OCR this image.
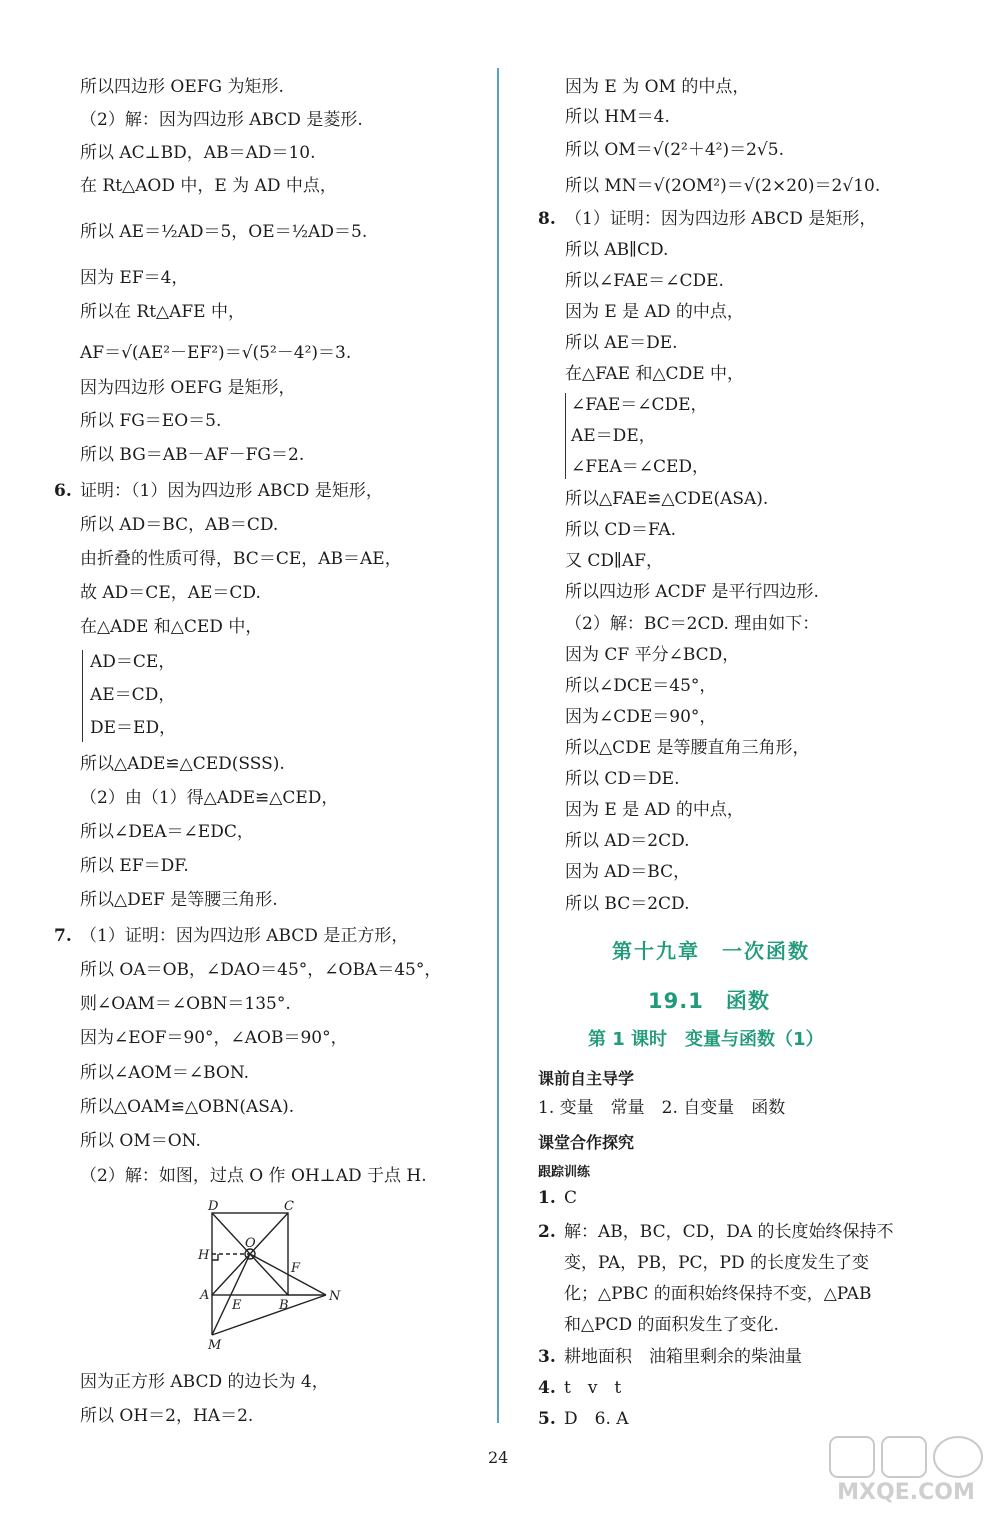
所以四边形 OEFG 为矩形.
（2）解：因为四边形 ABCD 是菱形.
所以 AC⊥BD，AB＝AD＝10.
在 Rt△AOD 中，E 为 AD 中点，
所以 AE＝½AD＝5，OE＝½AD＝5.
因为 EF＝4，
所以在 Rt△AFE 中，
AF＝√(AE²－EF²)＝√(5²－4²)＝3.
因为四边形 OEFG 是矩形，
所以 FG＝EO＝5.
所以 BG＝AB－AF－FG＝2.
6. 证明：（1）因为四边形 ABCD 是矩形，
所以 AD＝BC，AB＝CD.
由折叠的性质可得，BC＝CE，AB＝AE，
故 AD＝CE，AE＝CD.
在△ADE 和△CED 中，
AD＝CE，
AE＝CD，
DE＝ED，
所以△ADE≌△CED(SSS).
（2）由（1）得△ADE≌△CED，
所以∠DEA＝∠EDC，
所以 EF＝DF.
所以△DEF 是等腰三角形.
7. （1）证明：因为四边形 ABCD 是正方形，
所以 OA＝OB，∠DAO＝45°，∠OBA＝45°，
则∠OAM＝∠OBN＝135°.
因为∠EOF＝90°，∠AOB＝90°，
所以∠AOM＝∠BON.
所以△OAM≌△OBN(ASA).
所以 OM＝ON.
（2）解：如图，过点 O 作 OH⊥AD 于点 H.
D	C
H
O
F
A
E	B
N
M
因为正方形 ABCD 的边长为 4，
所以 OH＝2，HA＝2.
因为 E 为 OM 的中点，
所以 HM＝4.
所以 OM＝√(2²＋4²)＝2√5.
所以 MN＝√(2OM²)＝√(2×20)＝2√10.
8. （1）证明：因为四边形 ABCD 是矩形，
所以 AB∥CD.
所以∠FAE＝∠CDE.
因为 E 是 AD 的中点，
所以 AE＝DE.
在△FAE 和△CDE 中，
∠FAE＝∠CDE，
AE＝DE，
∠FEA＝∠CED，
所以△FAE≌△CDE(ASA).
所以 CD＝FA.
又 CD∥AF，
所以四边形 ACDF 是平行四边形.
（2）解：BC＝2CD. 理由如下：
因为 CF 平分∠BCD，
所以∠DCE＝45°，
因为∠CDE＝90°，
所以△CDE 是等腰直角三角形，
所以 CD＝DE.
因为 E 是 AD 的中点，
所以 AD＝2CD.
因为 AD＝BC，
所以 BC＝2CD.
第十九章　一次函数
19.1　函数
第 1 课时　变量与函数（1）
课前自主导学
1. 变量　常量　2. 自变量　函数
课堂合作探究
跟踪训练
1. C
2. 解：AB，BC，CD，DA 的长度始终保持不
变，PA，PB，PC，PD 的长度发生了变
化；△PBC 的面积始终保持不变，△PAB
和△PCD 的面积发生了变化.
3. 耕地面积　油箱里剩余的柴油量
4. t　v　t
5. D　6. A
24
MXQE.COM
